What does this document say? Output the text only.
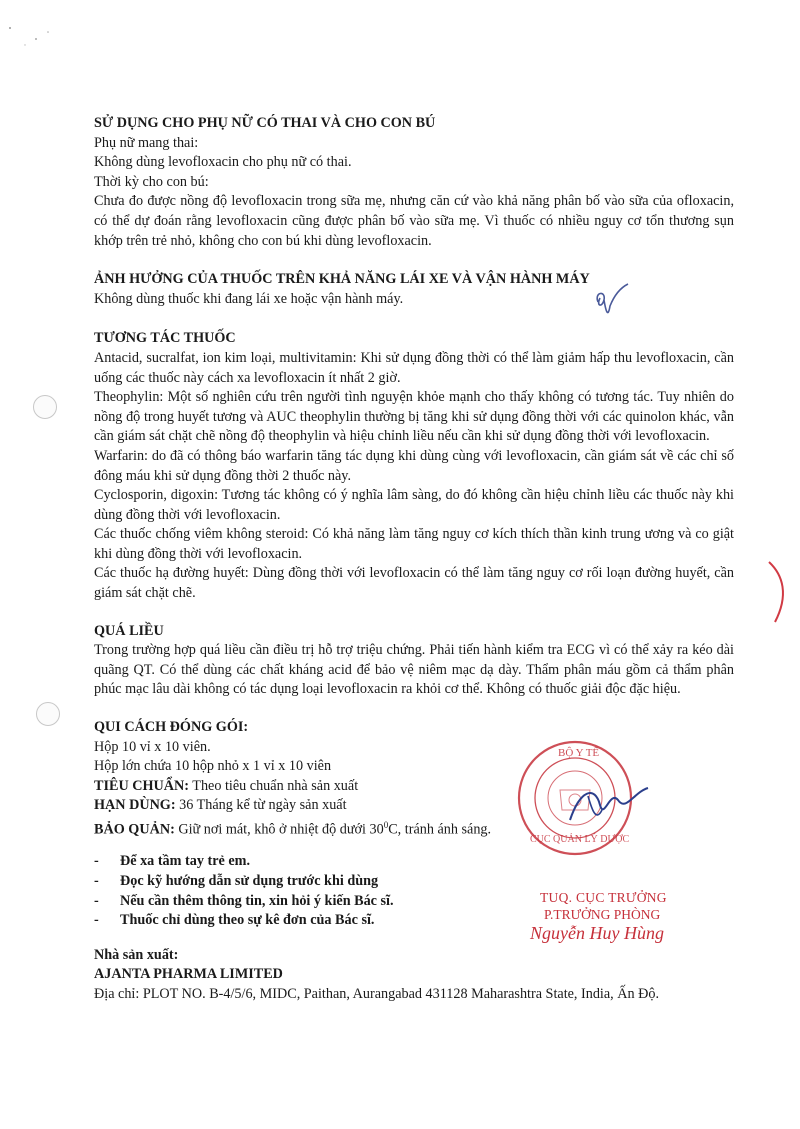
SỬ DỤNG CHO PHỤ NỮ CÓ THAI VÀ CHO CON BÚ
Phụ nữ mang thai:
Không dùng levofloxacin cho phụ nữ có thai.
Thời kỳ cho con bú:

Chưa đo được nồng độ levofloxacin trong sữa mẹ, nhưng căn cứ vào khả năng phân bố vào sữa của ofloxacin, có thể dự đoán rằng levofloxacin cũng được phân bố vào sữa mẹ. Vì thuốc có nhiều nguy cơ tổn thương sụn khớp trên trẻ nhỏ, không cho con bú khi dùng levofloxacin.

ẢNH HƯỞNG CỦA THUỐC TRÊN KHẢ NĂNG LÁI XE VÀ VẬN HÀNH MÁY
Không dùng thuốc khi đang lái xe hoặc vận hành máy.
TƯƠNG TÁC THUỐC

Antacid, sucralfat, ion kim loại, multivitamin: Khi sử dụng đồng thời có thể làm giảm hấp thu levofloxacin, cần uống các thuốc này cách xa levofloxacin ít nhất 2 giờ.

Theophylin: Một số nghiên cứu trên người tình nguyện khỏe mạnh cho thấy không có tương tác. Tuy nhiên do nồng độ trong huyết tương và AUC theophylin thường bị tăng khi sử dụng đồng thời với các quinolon khác, vẫn cần giám sát chặt chẽ nồng độ theophylin và hiệu chỉnh liều nếu cần khi sử dụng đồng thời với levofloxacin.

Warfarin: do đã có thông báo warfarin tăng tác dụng khi dùng cùng với levofloxacin, cần giám sát về các chỉ số đông máu khi sử dụng đồng thời 2 thuốc này.

Cyclosporin, digoxin: Tương tác không có ý nghĩa lâm sàng, do đó không cần hiệu chỉnh liều các thuốc này khi dùng đồng thời với levofloxacin.

Các thuốc chống viêm không steroid: Có khả năng làm tăng nguy cơ kích thích thần kinh trung ương và co giật khi dùng đồng thời với levofloxacin.

Các thuốc hạ đường huyết: Dùng đồng thời với levofloxacin có thể làm tăng nguy cơ rối loạn đường huyết, cần giám sát chặt chẽ.

QUÁ LIỀU

Trong trường hợp quá liều cần điều trị hỗ trợ triệu chứng. Phải tiến hành kiểm tra ECG vì có thể xảy ra kéo dài quãng QT. Có thể dùng các chất kháng acid để bảo vệ niêm mạc dạ dày. Thẩm phân máu gồm cả thẩm phân phúc mạc lâu dài không có tác dụng loại levofloxacin ra khỏi cơ thể. Không có thuốc giải độc đặc hiệu.

QUI CÁCH ĐÓNG GÓI:
Hộp 10 vỉ x 10 viên.
Hộp lớn chứa 10 hộp nhỏ x 1 vỉ x 10 viên
TIÊU CHUẨN: Theo tiêu chuẩn nhà sản xuất
HẠN DÙNG: 36 Tháng kể từ ngày sản xuất
BẢO QUẢN: Giữ nơi mát, khô ở nhiệt độ dưới $30^0C$, tránh ánh sáng.
-	Để xa tầm tay trẻ em.
-	Đọc kỹ hướng dẫn sử dụng trước khi dùng
-	Nếu cần thêm thông tin, xin hỏi ý kiến Bác sĩ.
-	Thuốc chỉ dùng theo sự kê đơn của Bác sĩ.
Nhà sản xuất:
AJANTA PHARMA LIMITED
Địa chỉ: PLOT NO. B-4/5/6, MIDC, Paithan, Aurangabad 431128 Maharashtra State, India, Ấn Độ.
BỘ Y TẾ
CỤC QUẢN LÝ DƯỢC
TUQ. CỤC TRƯỞNG
P.TRƯỞNG PHÒNG
Nguyễn Huy Hùng
